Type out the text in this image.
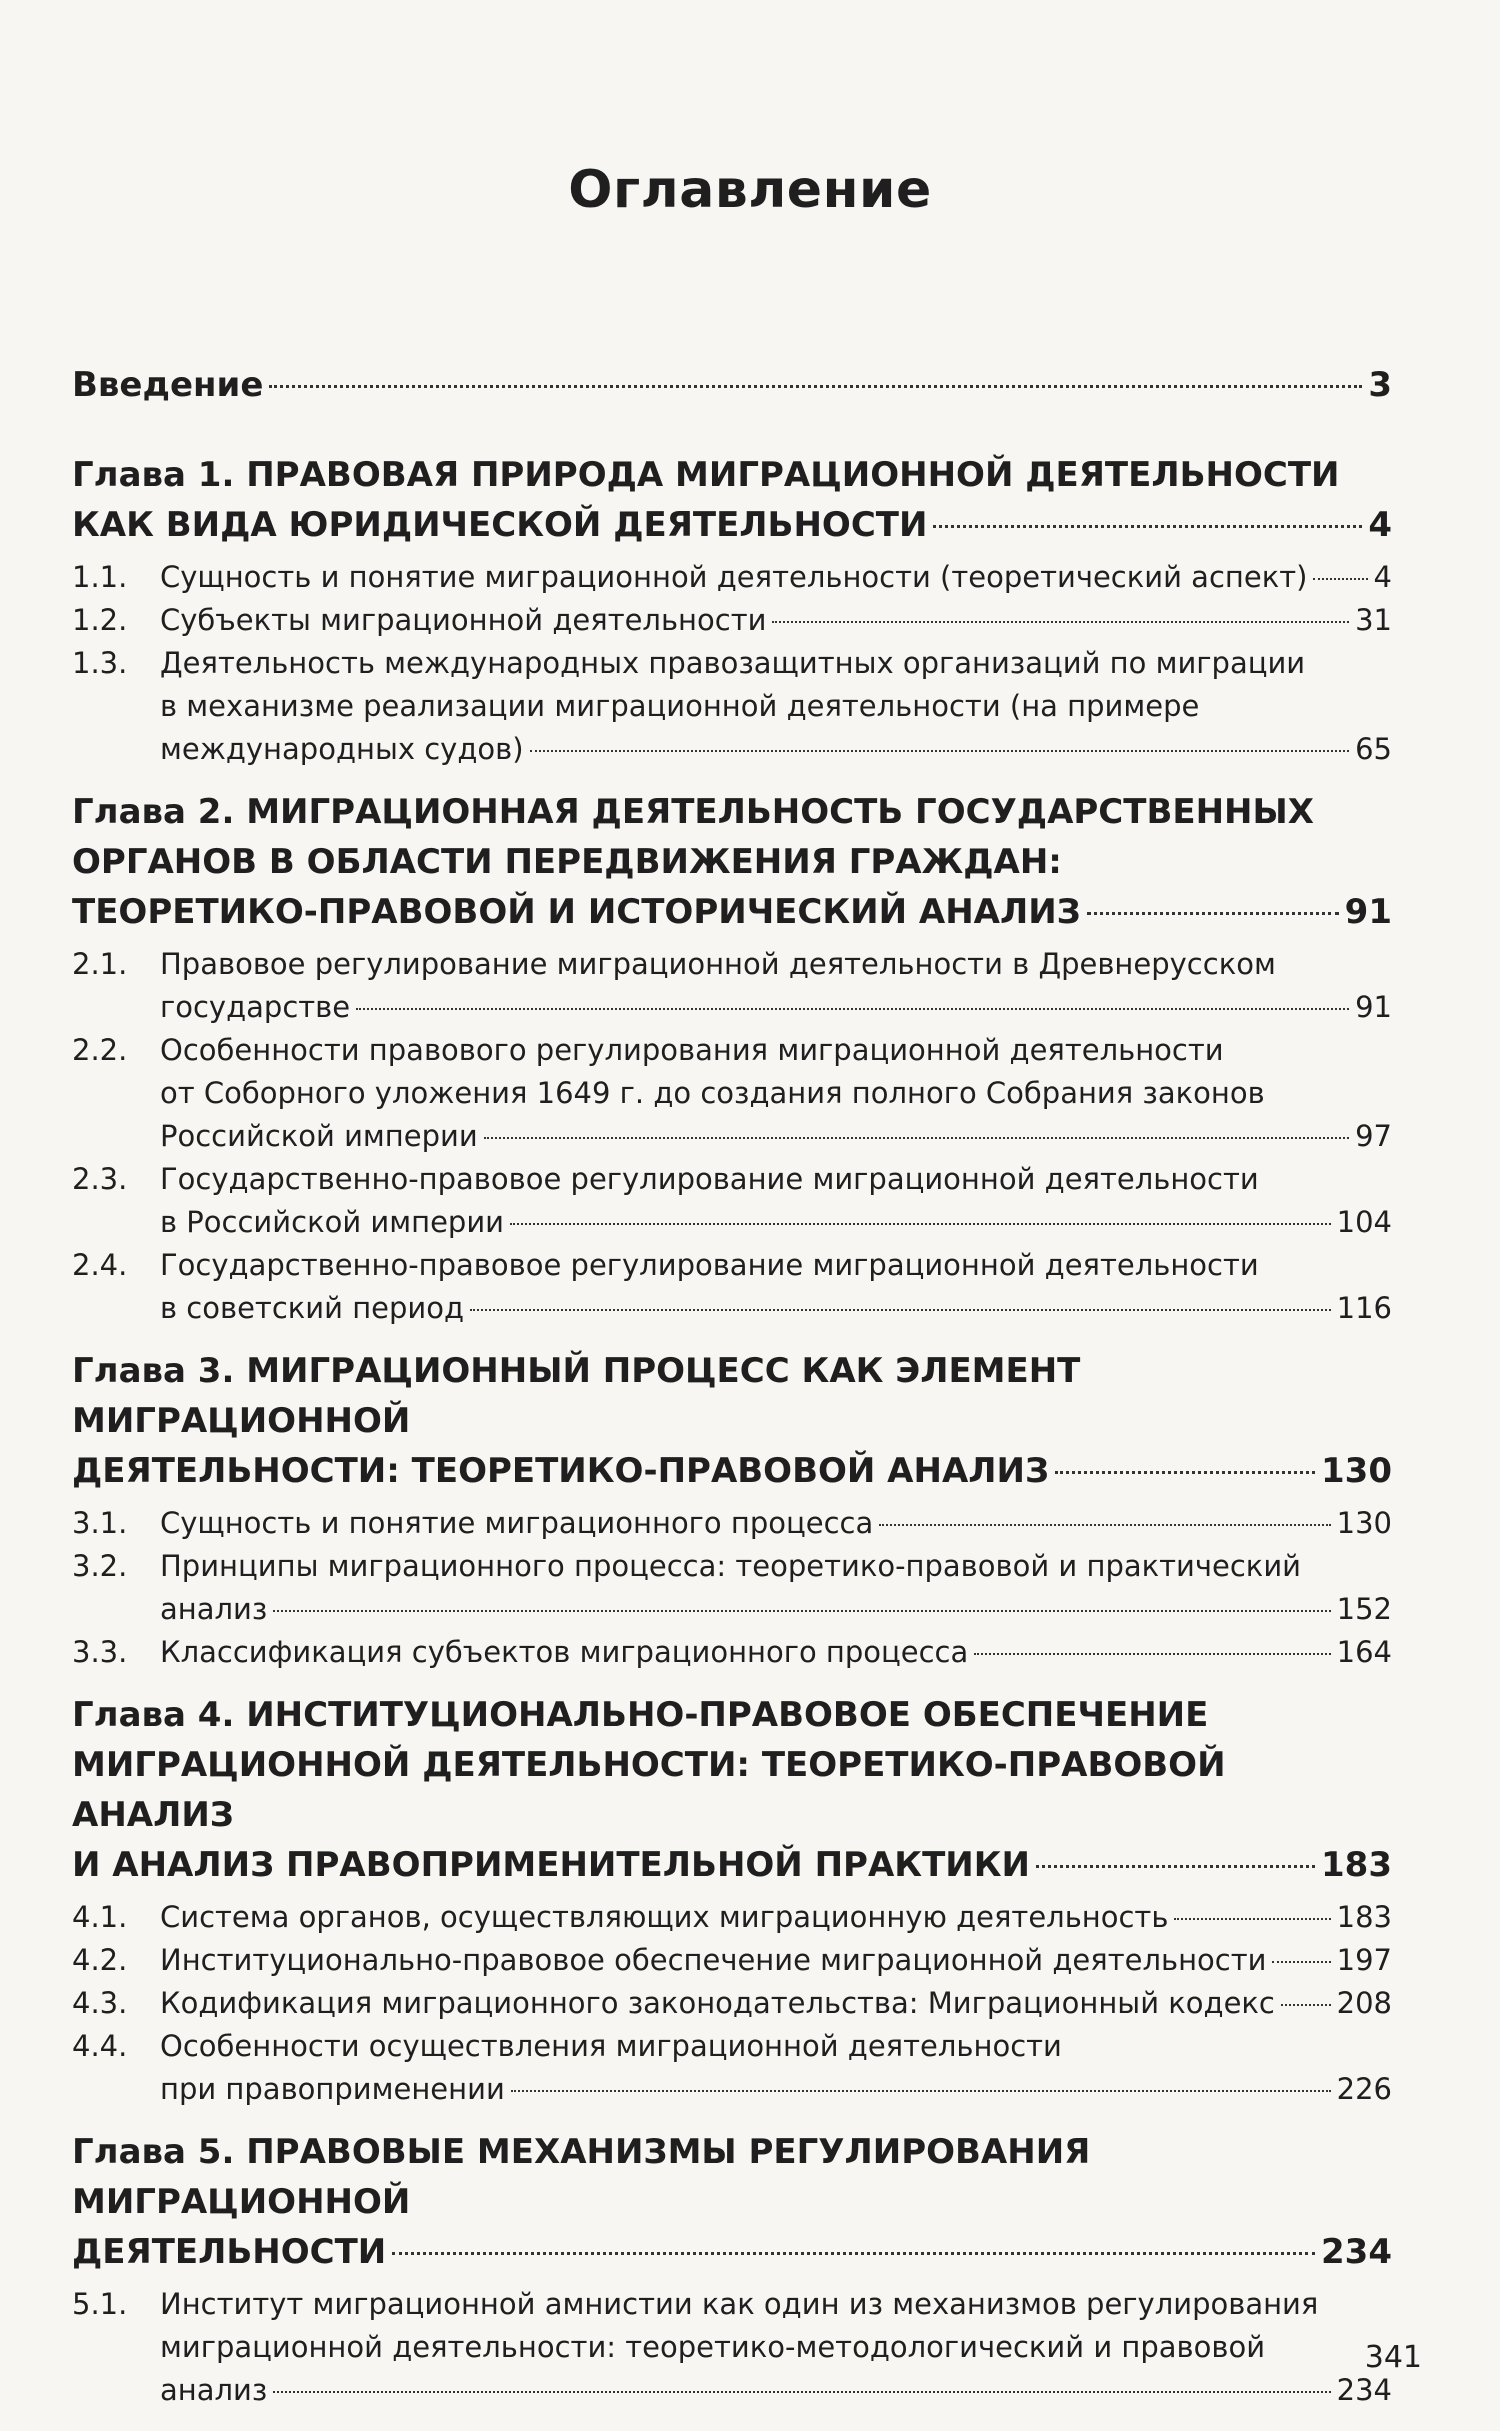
Оглавление
Введение	3
Глава 1. ПРАВОВАЯ ПРИРОДА МИГРАЦИОННОЙ ДЕЯТЕЛЬНОСТИ
КАК ВИДА ЮРИДИЧЕСКОЙ ДЕЯТЕЛЬНОСТИ	4
1.1.	Сущность и понятие миграционной деятельности (теоретический аспект) 4
1.2.	Субъекты миграционной деятельности	31
1.3.	Деятельность международных правозащитных организаций по миграции
в механизме реализации миграционной деятельности (на примере
международных судов)	65
Глава 2. МИГРАЦИОННАЯ ДЕЯТЕЛЬНОСТЬ ГОСУДАРСТВЕННЫХ
ОРГАНОВ В ОБЛАСТИ ПЕРЕДВИЖЕНИЯ ГРАЖДАН:
ТЕОРЕТИКО-ПРАВОВОЙ И ИСТОРИЧЕСКИЙ АНАЛИЗ	91
2.1.	Правовое регулирование миграционной деятельности в Древнерусском
государстве	91
2.2.	Особенности правового регулирования миграционной деятельности
от Соборного уложения 1649 г. до создания полного Собрания законов
Российской империи	97
2.3.	Государственно-правовое регулирование миграционной деятельности
в Российской империи	104
2.4.	Государственно-правовое регулирование миграционной деятельности
в советский период	116
Глава 3. МИГРАЦИОННЫЙ ПРОЦЕСС КАК ЭЛЕМЕНТ МИГРАЦИОННОЙ
ДЕЯТЕЛЬНОСТИ: ТЕОРЕТИКО-ПРАВОВОЙ АНАЛИЗ	130
3.1.	Сущность и понятие миграционного процесса	130
3.2.	Принципы миграционного процесса: теоретико-правовой и практический
анализ	152
3.3.	Классификация субъектов миграционного процесса	164
Глава 4. ИНСТИТУЦИОНАЛЬНО-ПРАВОВОЕ ОБЕСПЕЧЕНИЕ
МИГРАЦИОННОЙ ДЕЯТЕЛЬНОСТИ: ТЕОРЕТИКО-ПРАВОВОЙ АНАЛИЗ
И АНАЛИЗ ПРАВОПРИМЕНИТЕЛЬНОЙ ПРАКТИКИ	183
4.1.	Система органов, осуществляющих миграционную деятельность	183
4.2.	Институционально-правовое обеспечение миграционной деятельности 197
4.3.	Кодификация миграционного законодательства: Миграционный кодекс 208
4.4.	Особенности осуществления миграционной деятельности
при правоприменении	226
Глава 5. ПРАВОВЫЕ МЕХАНИЗМЫ РЕГУЛИРОВАНИЯ МИГРАЦИОННОЙ
ДЕЯТЕЛЬНОСТИ	234
5.1.	Институт миграционной амнистии как один из механизмов регулирования
миграционной деятельности: теоретико-методологический и правовой
анализ	234
341
